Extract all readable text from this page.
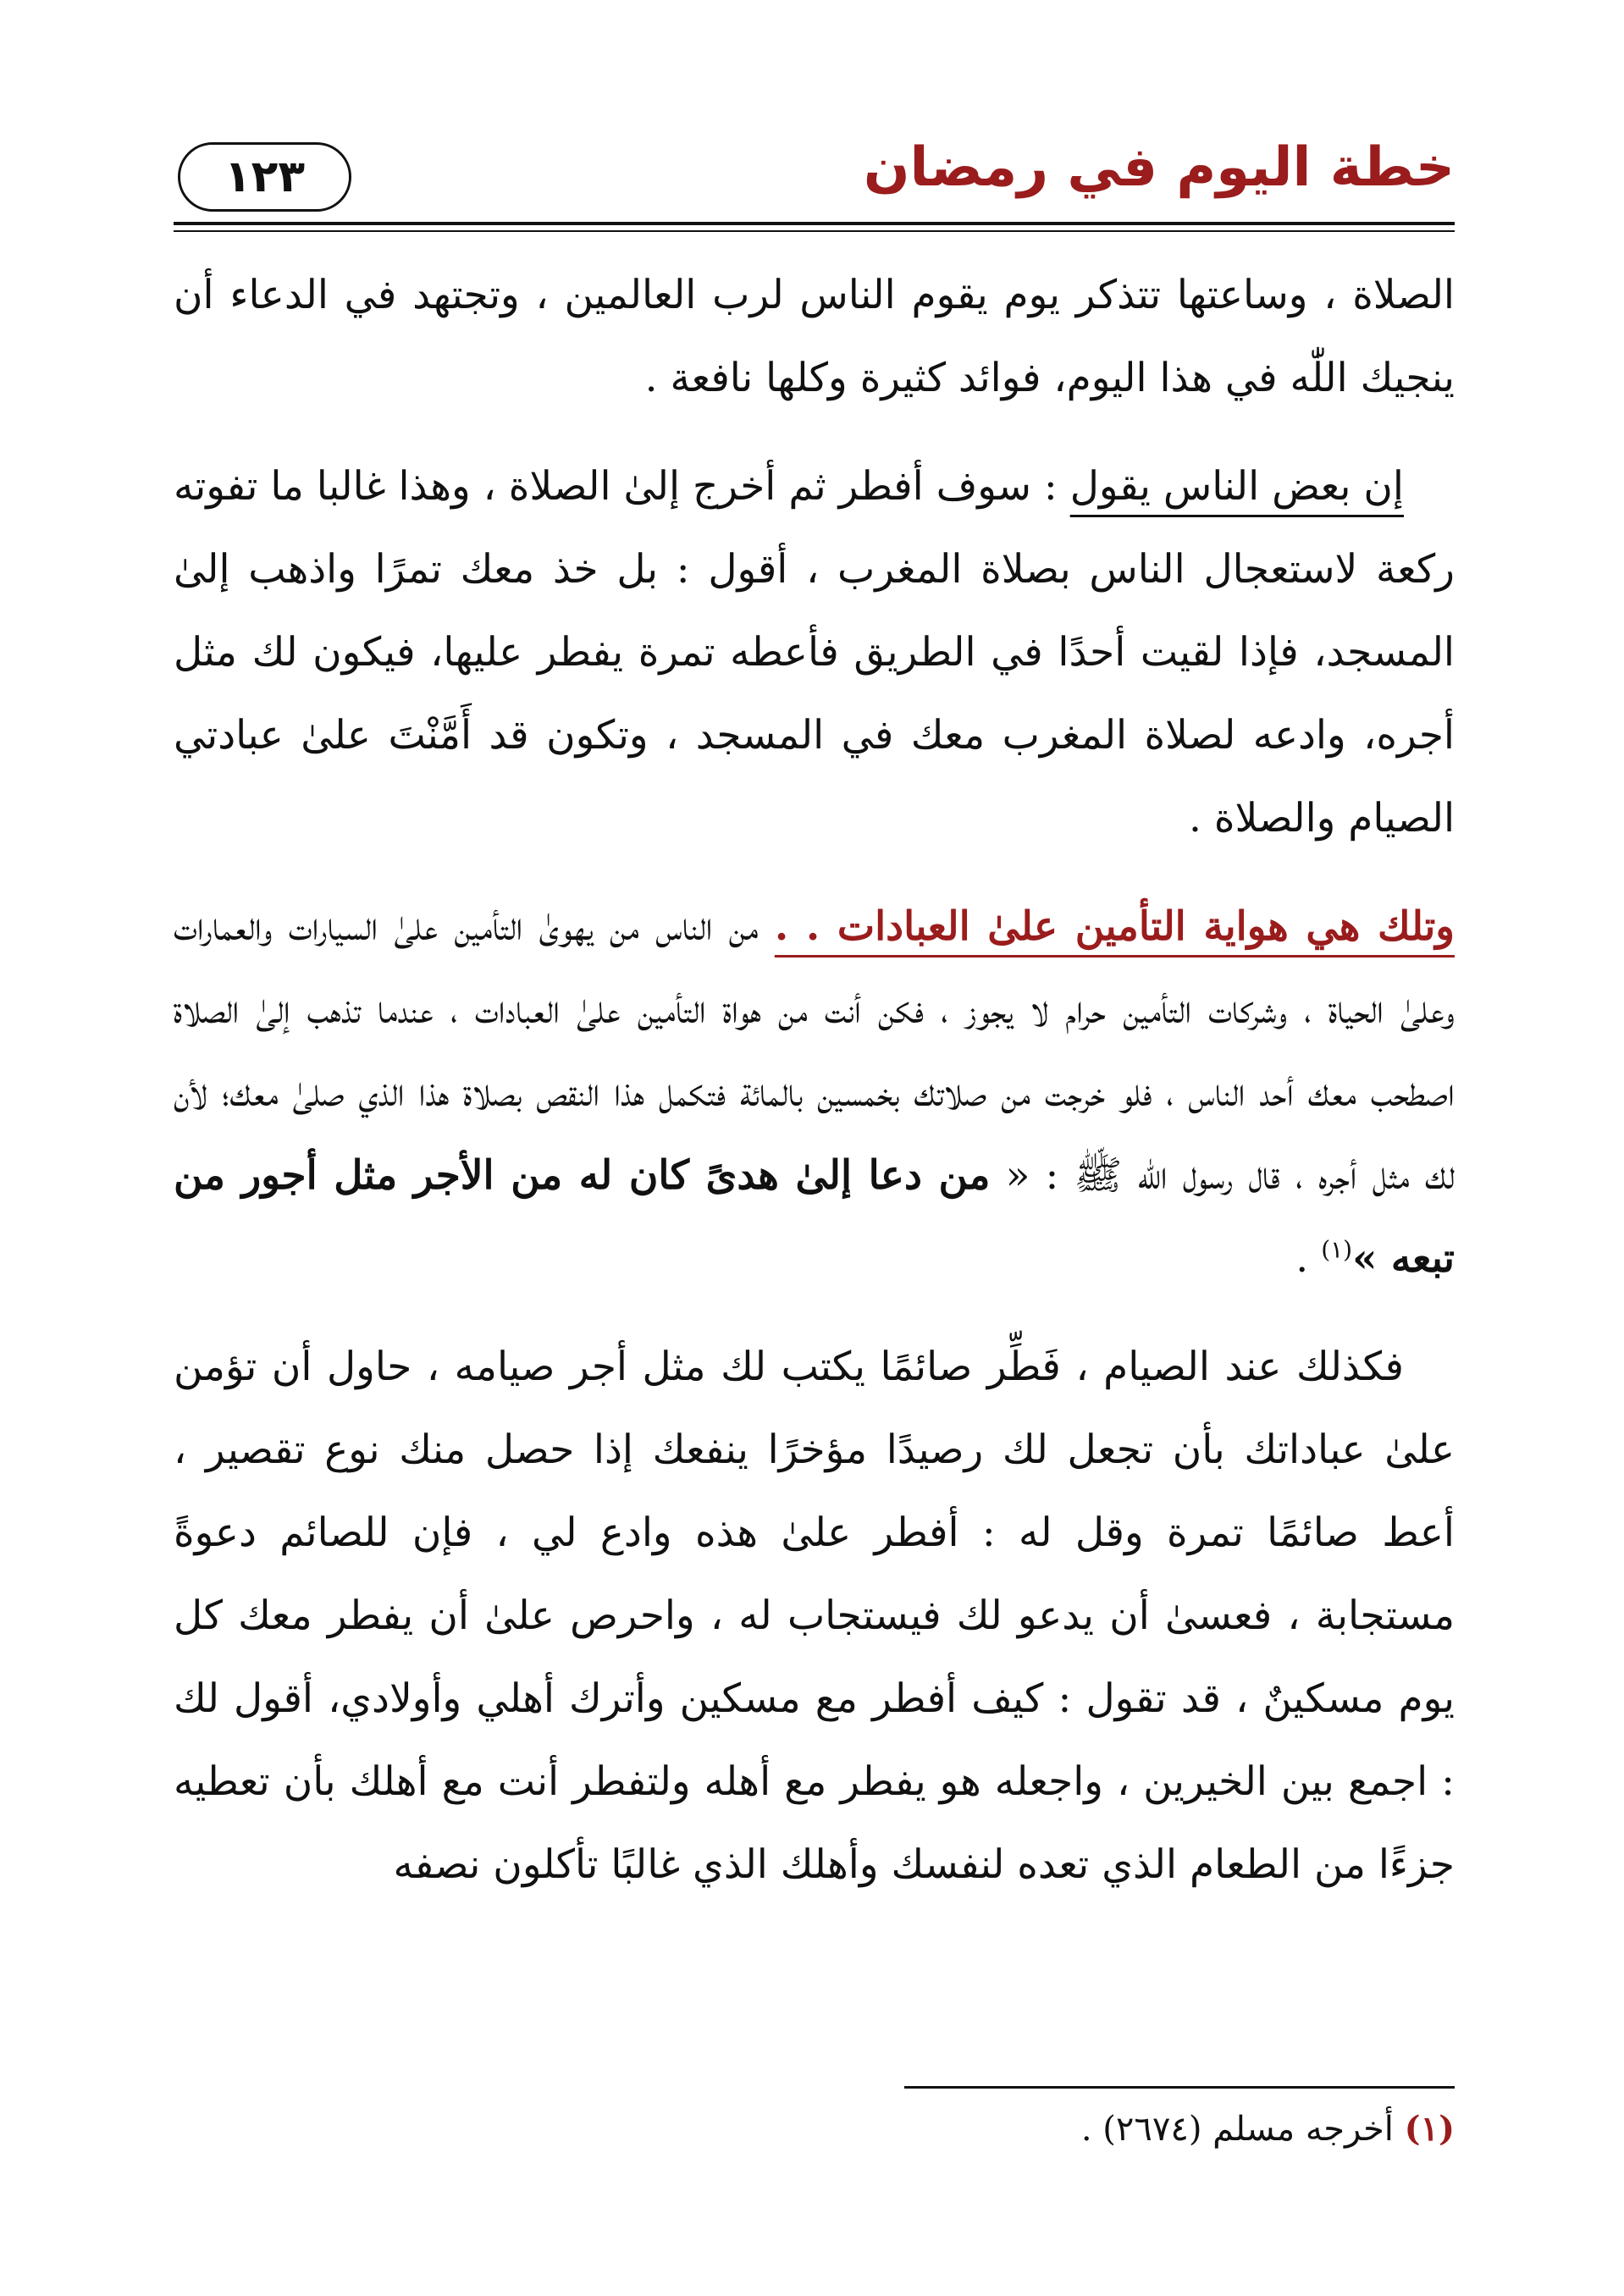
خطة اليوم في رمضان
١٢٣

الصلاة ، وساعتها تتذكر يوم يقوم الناس لرب العالمين ، وتجتهد في الدعاء أن ينجيك اللّٰه في هذا اليوم، فوائد كثيرة وكلها نافعة .

إن بعض الناس يقول : سوف أفطر ثم أخرج إلىٰ الصلاة ، وهذا غالبا ما تفوته ركعة لاستعجال الناس بصلاة المغرب ، أقول : بل خذ معك تمرًا واذهب إلىٰ المسجد، فإذا لقيت أحدًا في الطريق فأعطه تمرة يفطر عليها، فيكون لك مثل أجره، وادعه لصلاة المغرب معك في المسجد ، وتكون قد أَمَّنْتَ علىٰ عبادتي الصيام والصلاة .

وتلك هي هواية التأمين علىٰ العبادات . . من الناس من يهوىٰ التأمين علىٰ السيارات والعمارات وعلىٰ الحياة ، وشركات التأمين حرام لا يجوز ، فكن أنت من هواة التأمين علىٰ العبادات ، عندما تذهب إلىٰ الصلاة اصطحب معك أحد الناس ، فلو خرجت من صلاتك بخمسين بالمائة فتكمل هذا النقص بصلاة هذا الذي صلىٰ معك؛ لأن لك مثل أجره ، قال رسول اللّٰه ﷺ : « من دعا إلىٰ هدىً كان له من الأجر مثل أجور من تبعه »$^{(١)}$ .

فكذلك عند الصيام ، فَطِّر صائمًا يكتب لك مثل أجر صيامه ، حاول أن تؤمن علىٰ عباداتك بأن تجعل لك رصيدًا مؤخرًا ينفعك إذا حصل منك نوع تقصير ، أعط صائمًا تمرة وقل له : أفطر علىٰ هذه وادع لي ، فإن للصائم دعوةً مستجابة ، فعسىٰ أن يدعو لك فيستجاب له ، واحرص علىٰ أن يفطر معك كل يوم مسكينٌ ، قد تقول : كيف أفطر مع مسكين وأترك أهلي وأولادي، أقول لك : اجمع بين الخيرين ، واجعله هو يفطر مع أهله ولتفطر أنت مع أهلك بأن تعطيه جزءًا من الطعام الذي تعده لنفسك وأهلك الذي غالبًا تأكلون نصفه

(١) أخرجه مسلم (٢٦٧٤) .
